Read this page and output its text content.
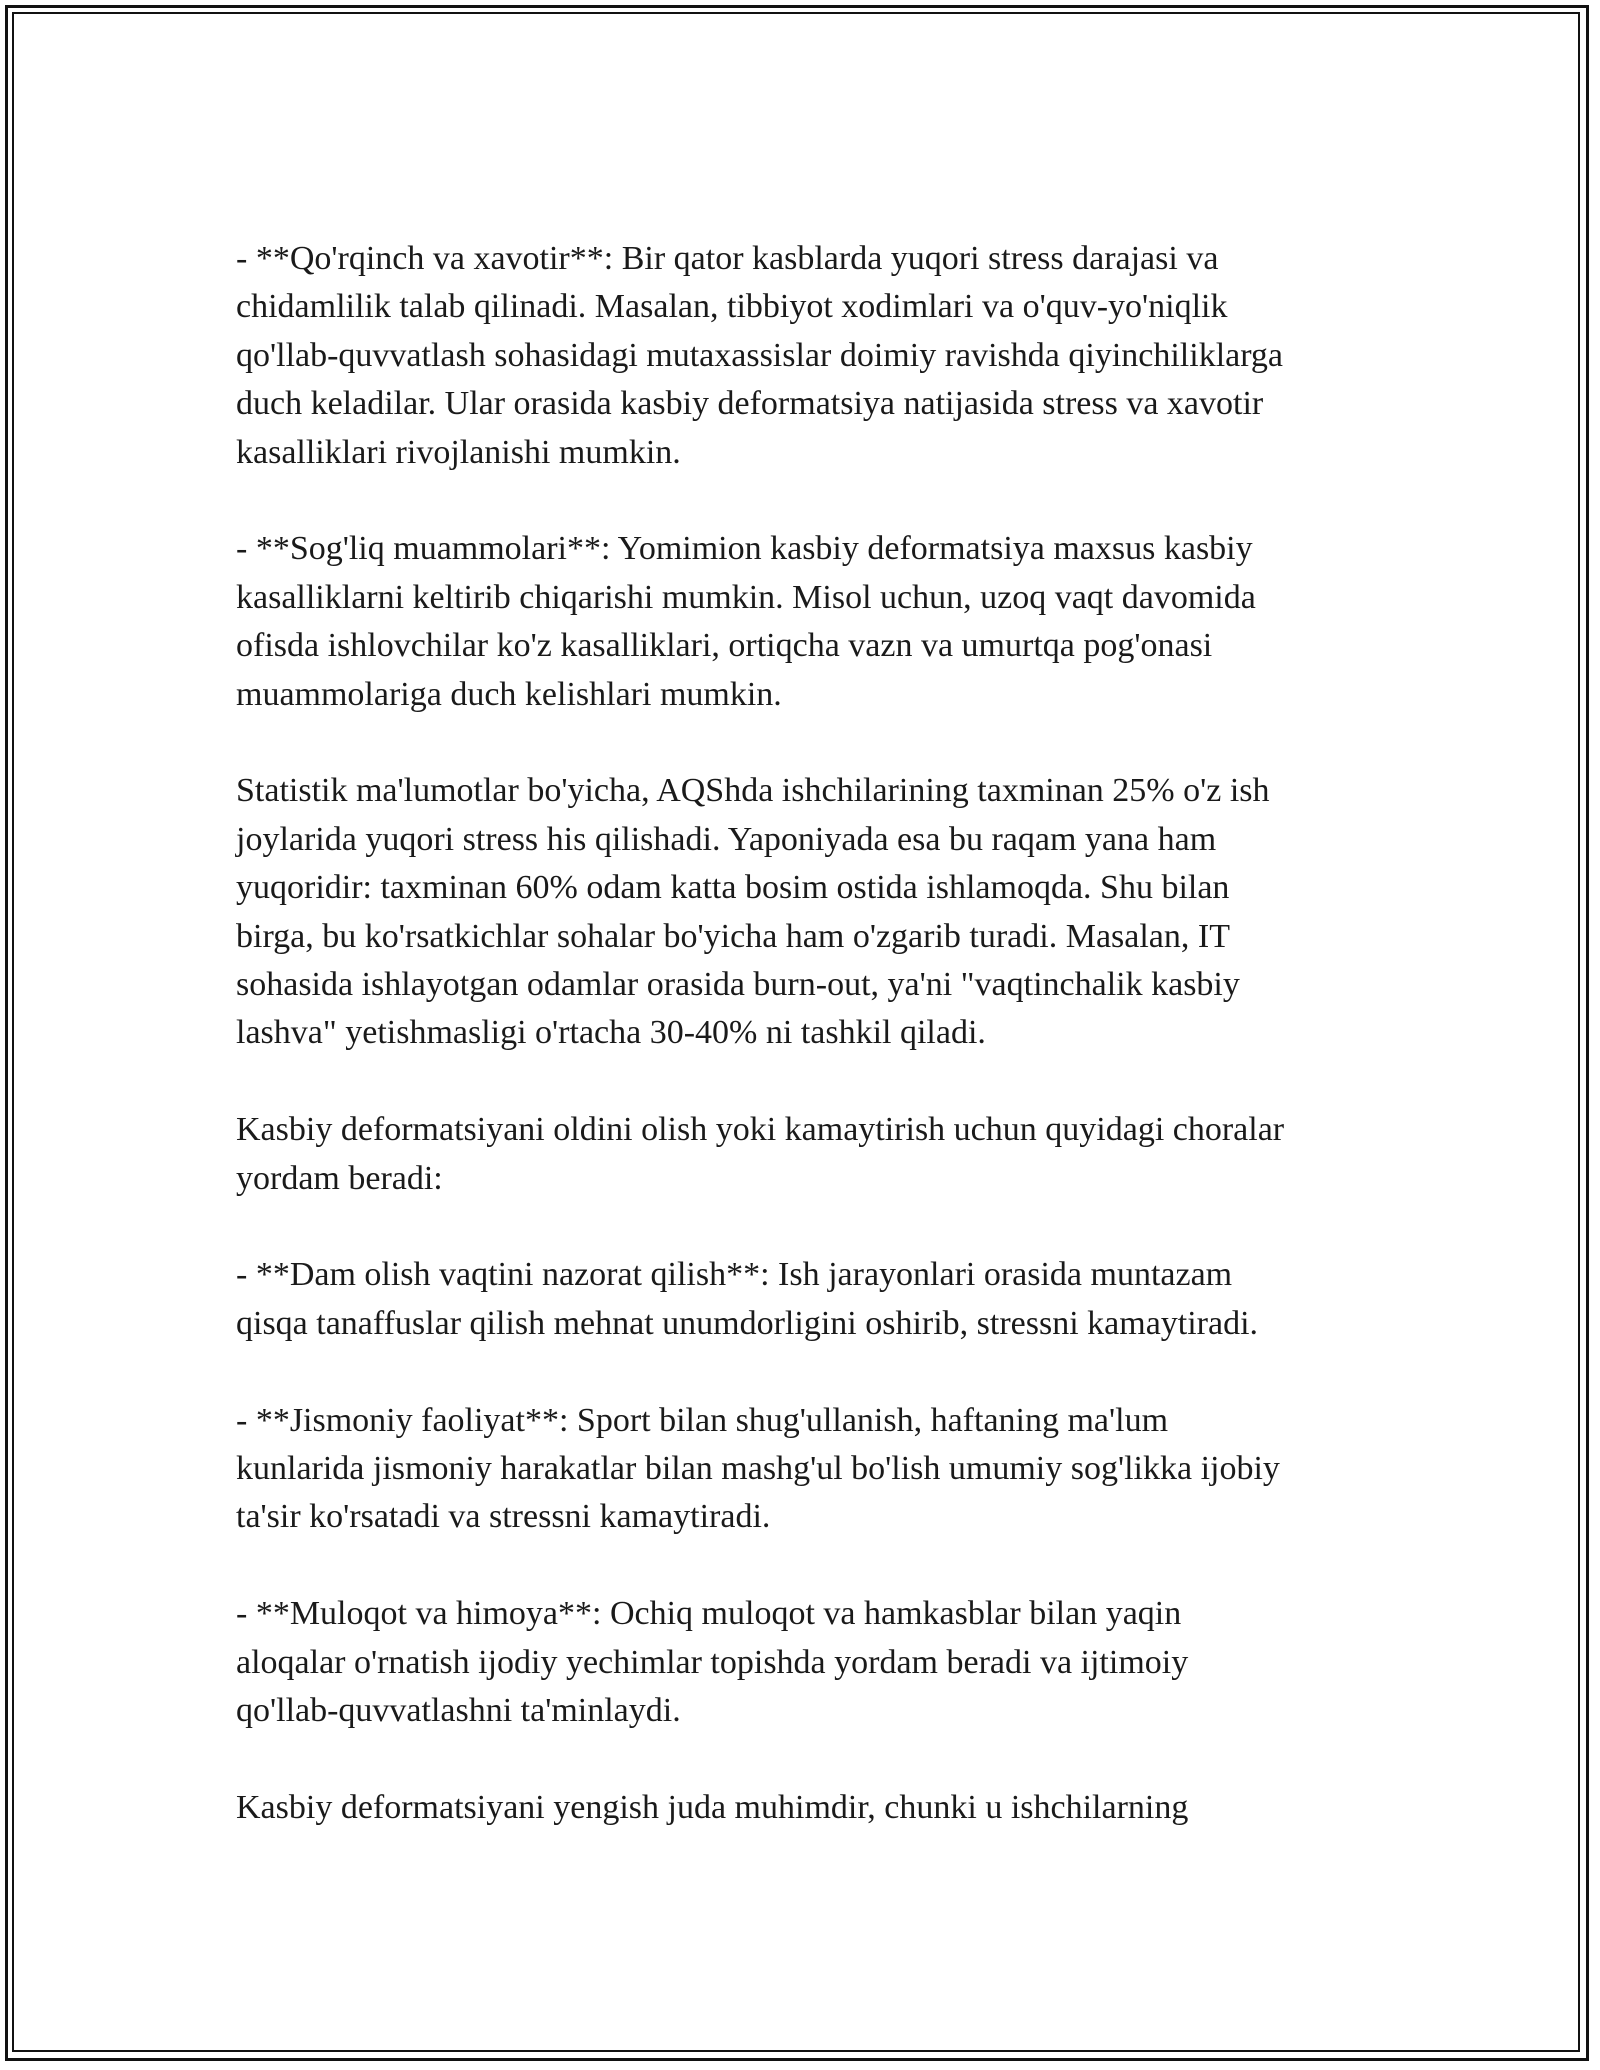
- **Qo'rqinch va xavotir**: Bir qator kasblarda yuqori stress darajasi va
chidamlilik talab qilinadi. Masalan, tibbiyot xodimlari va o'quv-yo'niqlik
qo'llab-quvvatlash sohasidagi mutaxassislar doimiy ravishda qiyinchiliklarga
duch keladilar. Ular orasida kasbiy deformatsiya natijasida stress va xavotir
kasalliklari rivojlanishi mumkin.

- **Sog'liq muammolari**: Yomimion kasbiy deformatsiya maxsus kasbiy
kasalliklarni keltirib chiqarishi mumkin. Misol uchun, uzoq vaqt davomida
ofisda ishlovchilar ko'z kasalliklari, ortiqcha vazn va umurtqa pog'onasi
muammolariga duch kelishlari mumkin.

Statistik ma'lumotlar bo'yicha, AQShda ishchilarining taxminan 25% o'z ish
joylarida yuqori stress his qilishadi. Yaponiyada esa bu raqam yana ham
yuqoridir: taxminan 60% odam katta bosim ostida ishlamoqda. Shu bilan
birga, bu ko'rsatkichlar sohalar bo'yicha ham o'zgarib turadi. Masalan, IT
sohasida ishlayotgan odamlar orasida burn-out, ya'ni "vaqtinchalik kasbiy
lashva" yetishmasligi o'rtacha 30-40% ni tashkil qiladi.

Kasbiy deformatsiyani oldini olish yoki kamaytirish uchun quyidagi choralar
yordam beradi:

- **Dam olish vaqtini nazorat qilish**: Ish jarayonlari orasida muntazam
qisqa tanaffuslar qilish mehnat unumdorligini oshirib, stressni kamaytiradi.

- **Jismoniy faoliyat**: Sport bilan shug'ullanish, haftaning ma'lum
kunlarida jismoniy harakatlar bilan mashg'ul bo'lish umumiy sog'likka ijobiy
ta'sir ko'rsatadi va stressni kamaytiradi.

- **Muloqot va himoya**: Ochiq muloqot va hamkasblar bilan yaqin
aloqalar o'rnatish ijodiy yechimlar topishda yordam beradi va ijtimoiy
qo'llab-quvvatlashni ta'minlaydi.

Kasbiy deformatsiyani yengish juda muhimdir, chunki u ishchilarning
